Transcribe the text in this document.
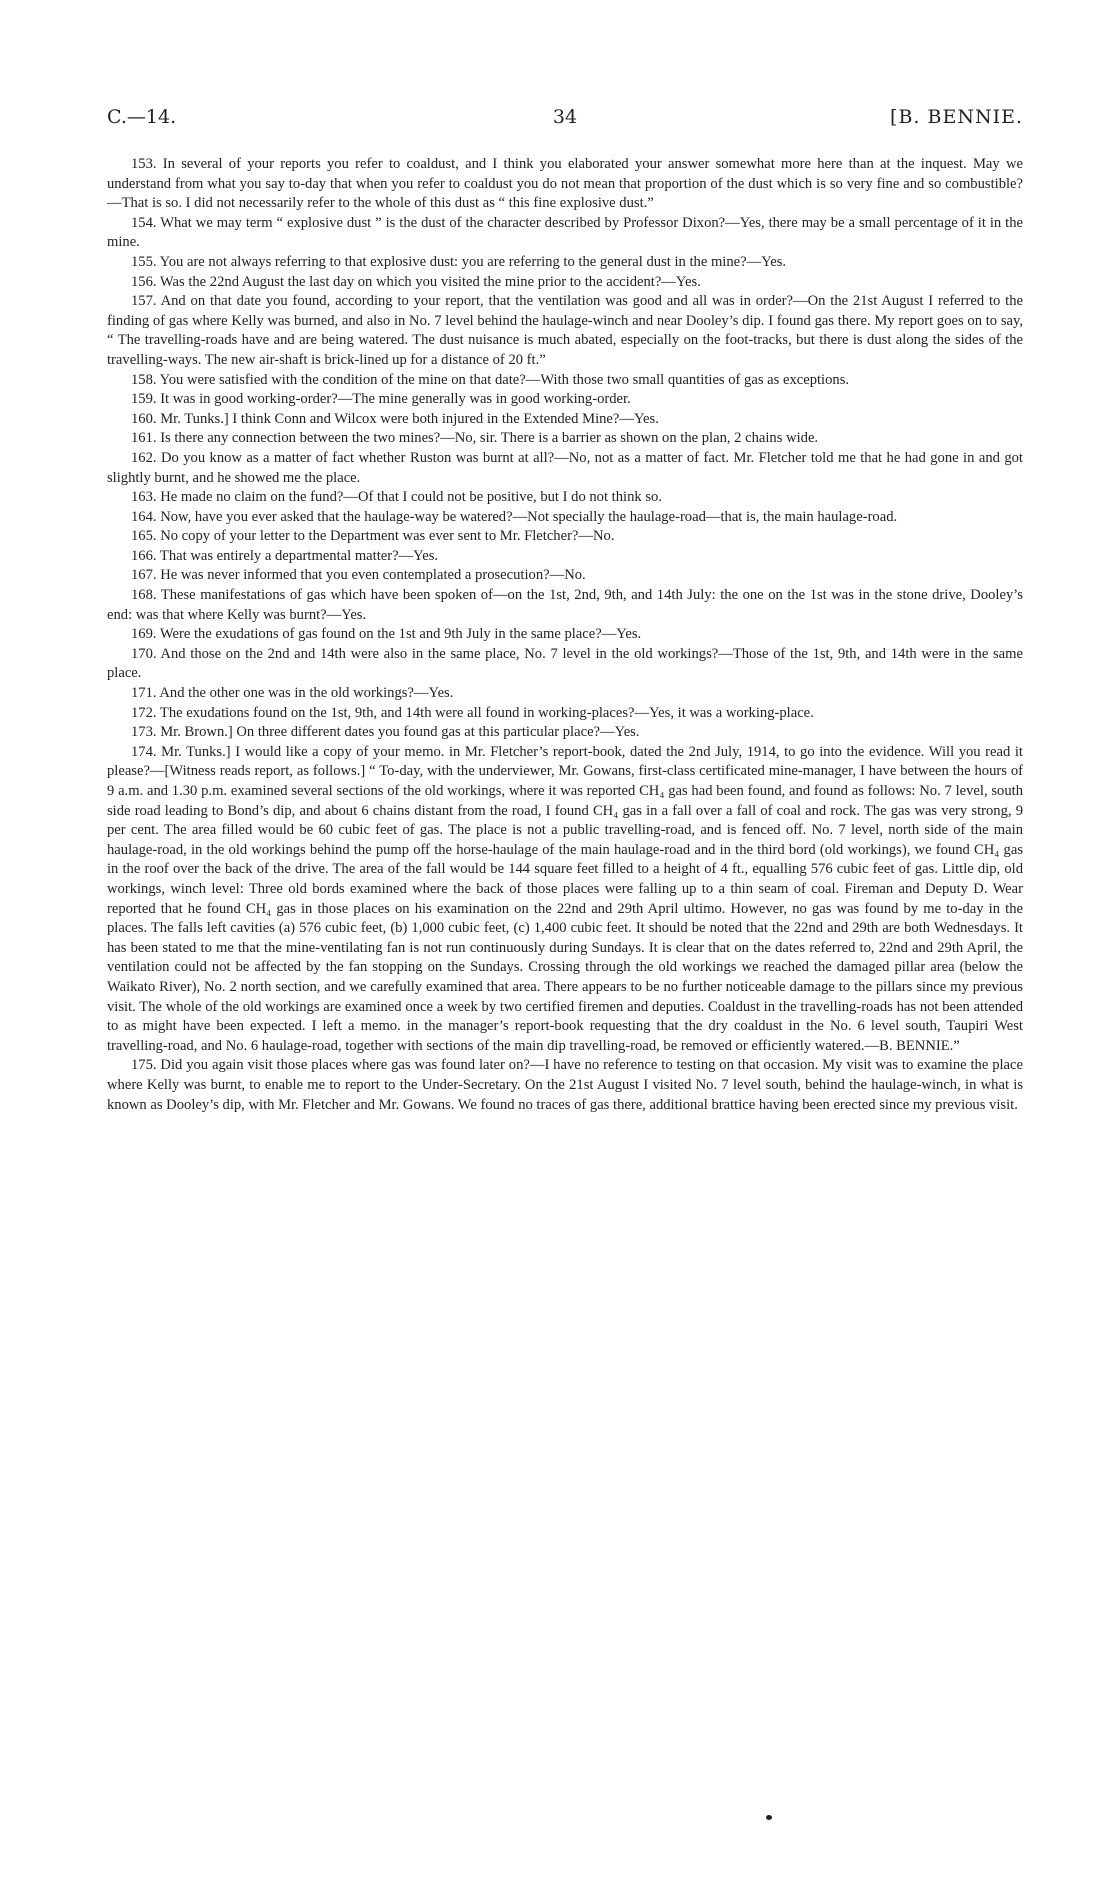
C.—14.	34	[B. BENNIE.

153. In several of your reports you refer to coaldust, and I think you elaborated your answer somewhat more here than at the inquest. May we understand from what you say to-day that when you refer to coaldust you do not mean that proportion of the dust which is so very fine and so combustible?—That is so. I did not necessarily refer to the whole of this dust as “ this fine explosive dust.”

154. What we may term “ explosive dust ” is the dust of the character described by Professor Dixon?—Yes, there may be a small percentage of it in the mine.

155. You are not always referring to that explosive dust: you are referring to the general dust in the mine?—Yes.

156. Was the 22nd August the last day on which you visited the mine prior to the accident?—Yes.

157. And on that date you found, according to your report, that the ventilation was good and all was in order?—On the 21st August I referred to the finding of gas where Kelly was burned, and also in No. 7 level behind the haulage-winch and near Dooley’s dip. I found gas there. My report goes on to say, “ The travelling-roads have and are being watered. The dust nuisance is much abated, especially on the foot-tracks, but there is dust along the sides of the travelling-ways. The new air-shaft is brick-lined up for a distance of 20 ft.”

158. You were satisfied with the condition of the mine on that date?—With those two small quantities of gas as exceptions.

159. It was in good working-order?—The mine generally was in good working-order.

160. Mr. Tunks.] I think Conn and Wilcox were both injured in the Extended Mine?—Yes.

161. Is there any connection between the two mines?—No, sir. There is a barrier as shown on the plan, 2 chains wide.

162. Do you know as a matter of fact whether Ruston was burnt at all?—No, not as a matter of fact. Mr. Fletcher told me that he had gone in and got slightly burnt, and he showed me the place.

163. He made no claim on the fund?—Of that I could not be positive, but I do not think so.

164. Now, have you ever asked that the haulage-way be watered?—Not specially the haulage-road—that is, the main haulage-road.

165. No copy of your letter to the Department was ever sent to Mr. Fletcher?—No.

166. That was entirely a departmental matter?—Yes.

167. He was never informed that you even contemplated a prosecution?—No.

168. These manifestations of gas which have been spoken of—on the 1st, 2nd, 9th, and 14th July: the one on the 1st was in the stone drive, Dooley’s end: was that where Kelly was burnt?—Yes.

169. Were the exudations of gas found on the 1st and 9th July in the same place?—Yes.

170. And those on the 2nd and 14th were also in the same place, No. 7 level in the old workings?—Those of the 1st, 9th, and 14th were in the same place.

171. And the other one was in the old workings?—Yes.

172. The exudations found on the 1st, 9th, and 14th were all found in working-places?—Yes, it was a working-place.

173. Mr. Brown.] On three different dates you found gas at this particular place?—Yes.

174. Mr. Tunks.] I would like a copy of your memo. in Mr. Fletcher’s report-book, dated the 2nd July, 1914, to go into the evidence. Will you read it please?—[Witness reads report, as follows.] “ To-day, with the underviewer, Mr. Gowans, first-class certificated mine-manager, I have between the hours of 9 a.m. and 1.30 p.m. examined several sections of the old workings, where it was reported CH₄ gas had been found, and found as follows: No. 7 level, south side road leading to Bond’s dip, and about 6 chains distant from the road, I found CH₄ gas in a fall over a fall of coal and rock. The gas was very strong, 9 per cent. The area filled would be 60 cubic feet of gas. The place is not a public travelling-road, and is fenced off. No. 7 level, north side of the main haulage-road, in the old workings behind the pump off the horse-haulage of the main haulage-road and in the third bord (old workings), we found CH₄ gas in the roof over the back of the drive. The area of the fall would be 144 square feet filled to a height of 4 ft., equalling 576 cubic feet of gas. Little dip, old workings, winch level: Three old bords examined where the back of those places were falling up to a thin seam of coal. Fireman and Deputy D. Wear reported that he found CH₄ gas in those places on his examination on the 22nd and 29th April ultimo. However, no gas was found by me to-day in the places. The falls left cavities (a) 576 cubic feet, (b) 1,000 cubic feet, (c) 1,400 cubic feet. It should be noted that the 22nd and 29th are both Wednesdays. It has been stated to me that the mine-ventilating fan is not run continuously during Sundays. It is clear that on the dates referred to, 22nd and 29th April, the ventilation could not be affected by the fan stopping on the Sundays. Crossing through the old workings we reached the damaged pillar area (below the Waikato River), No. 2 north section, and we carefully examined that area. There appears to be no further noticeable damage to the pillars since my previous visit. The whole of the old workings are examined once a week by two certified firemen and deputies. Coaldust in the travelling-roads has not been attended to as might have been expected. I left a memo. in the manager’s report-book requesting that the dry coaldust in the No. 6 level south, Taupiri West travelling-road, and No. 6 haulage-road, together with sections of the main dip travelling-road, be removed or efficiently watered.—B. BENNIE.”

175. Did you again visit those places where gas was found later on?—I have no reference to testing on that occasion. My visit was to examine the place where Kelly was burnt, to enable me to report to the Under-Secretary. On the 21st August I visited No. 7 level south, behind the haulage-winch, in what is known as Dooley’s dip, with Mr. Fletcher and Mr. Gowans. We found no traces of gas there, additional brattice having been erected since my previous visit.
